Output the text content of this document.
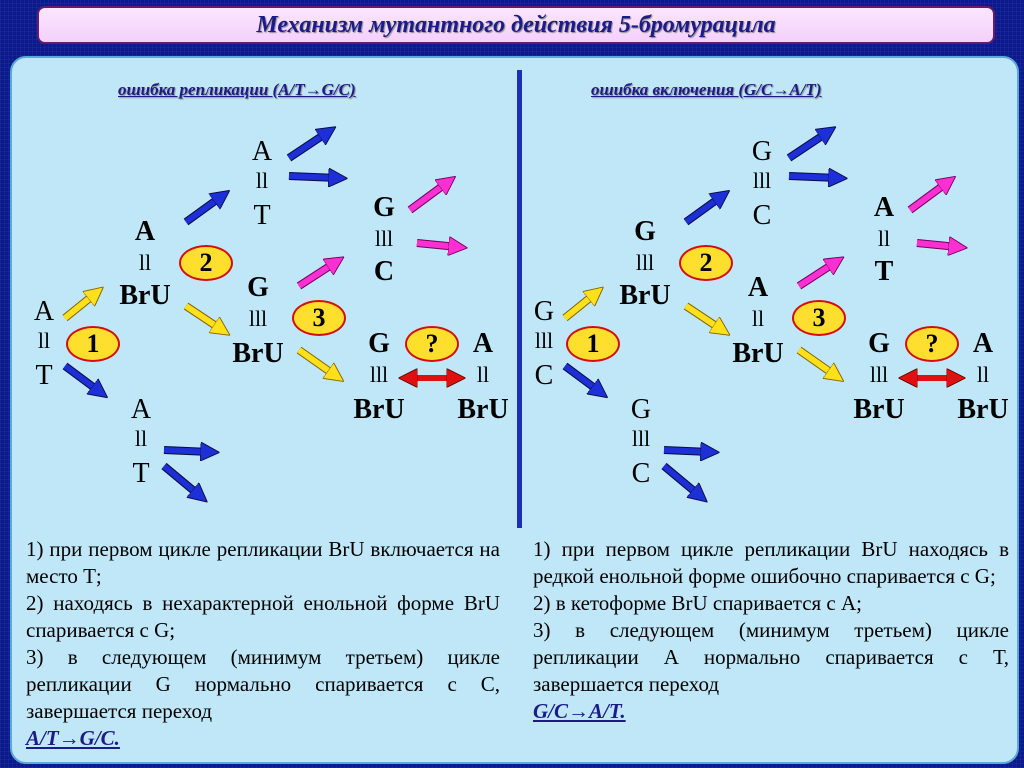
Механизм мутантного действия 5-бромурацила
ошибка репликации (А/Т→G/С)	ошибка включения (G/С→А/Т)
A
ll
T
A
ll
BrU
A
ll
T
A
ll
T
G
lll
BrU
G
lll
C
G
lll
BrU
A
ll
BrU
1
2
3
?
G
lll
C
G
lll
BrU
G
lll
C
G
lll
C
A
ll
BrU
A
ll
T
G
lll
BrU
A
ll
BrU
1
2
3
?
1) при первом цикле репликации BrU включается на место Т;
2) находясь в нехарактерной енольной форме BrU спаривается с G;
3) в следующем (минимум третьем) цикле репликации G нормально спаривается с С, завершается переход
А/Т→G/С.
1) при первом цикле репликации BrU находясь в редкой енольной форме ошибочно спаривается с G;
2) в кетоформе BrU спаривается с А;
3) в следующем (минимум третьем) цикле репликации А нормально спаривается с Т, завершается переход
G/С→А/Т.
